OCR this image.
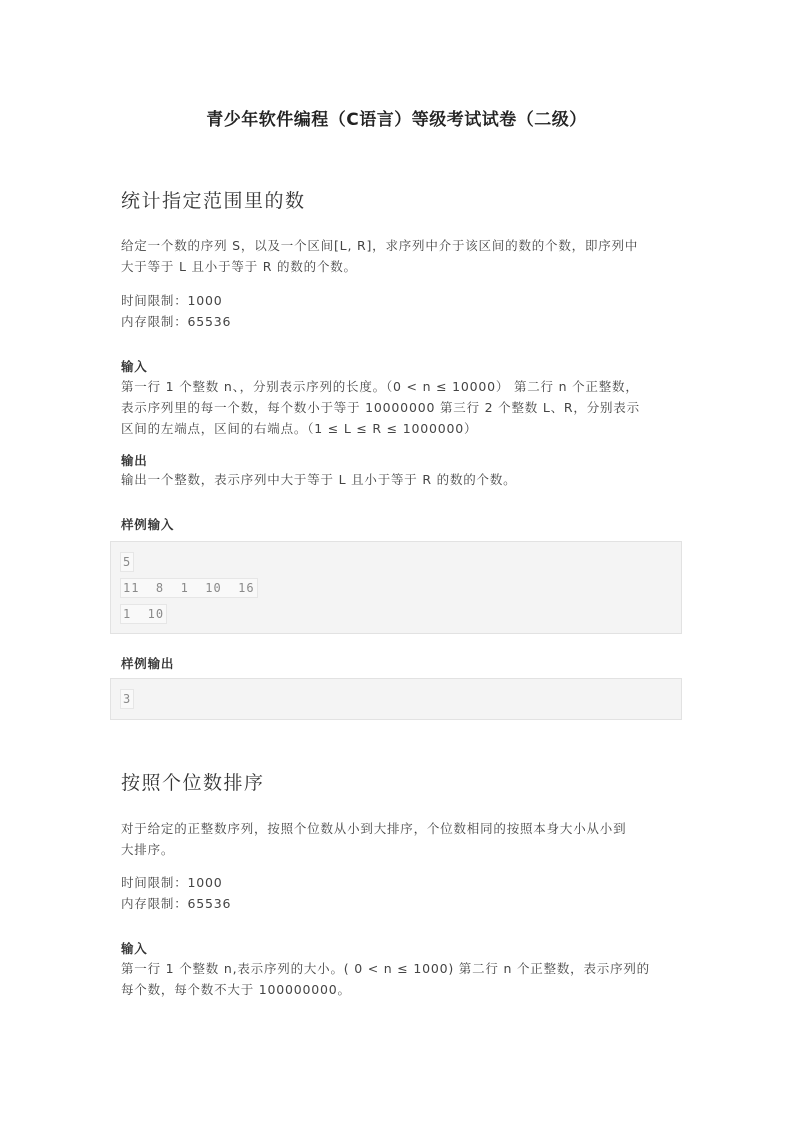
青少年软件编程（C语言）等级考试试卷（二级）
统计指定范围里的数

给定一个数的序列 S，以及一个区间[L, R]，求序列中介于该区间的数的个数，即序列中

大于等于 L 且小于等于 R 的数的个数。

时间限制：1000

内存限制：65536

输入

第一行 1 个整数 n、，分别表示序列的长度。（0 < n ≤ 10000） 第二行 n 个正整数，

表示序列里的每一个数，每个数小于等于 10000000 第三行 2 个整数 L、R，分别表示

区间的左端点，区间的右端点。（1 ≤ L ≤ R ≤ 1000000）

输出

输出一个整数，表示序列中大于等于 L 且小于等于 R 的数的个数。

样例输入
5
11  8  1  10  16
1  10
样例输出
3
按照个位数排序

对于给定的正整数序列，按照个位数从小到大排序，个位数相同的按照本身大小从小到

大排序。

时间限制：1000

内存限制：65536

输入

第一行 1 个整数 n,表示序列的大小。( 0 < n ≤ 1000) 第二行 n 个正整数，表示序列的

每个数，每个数不大于 100000000。
